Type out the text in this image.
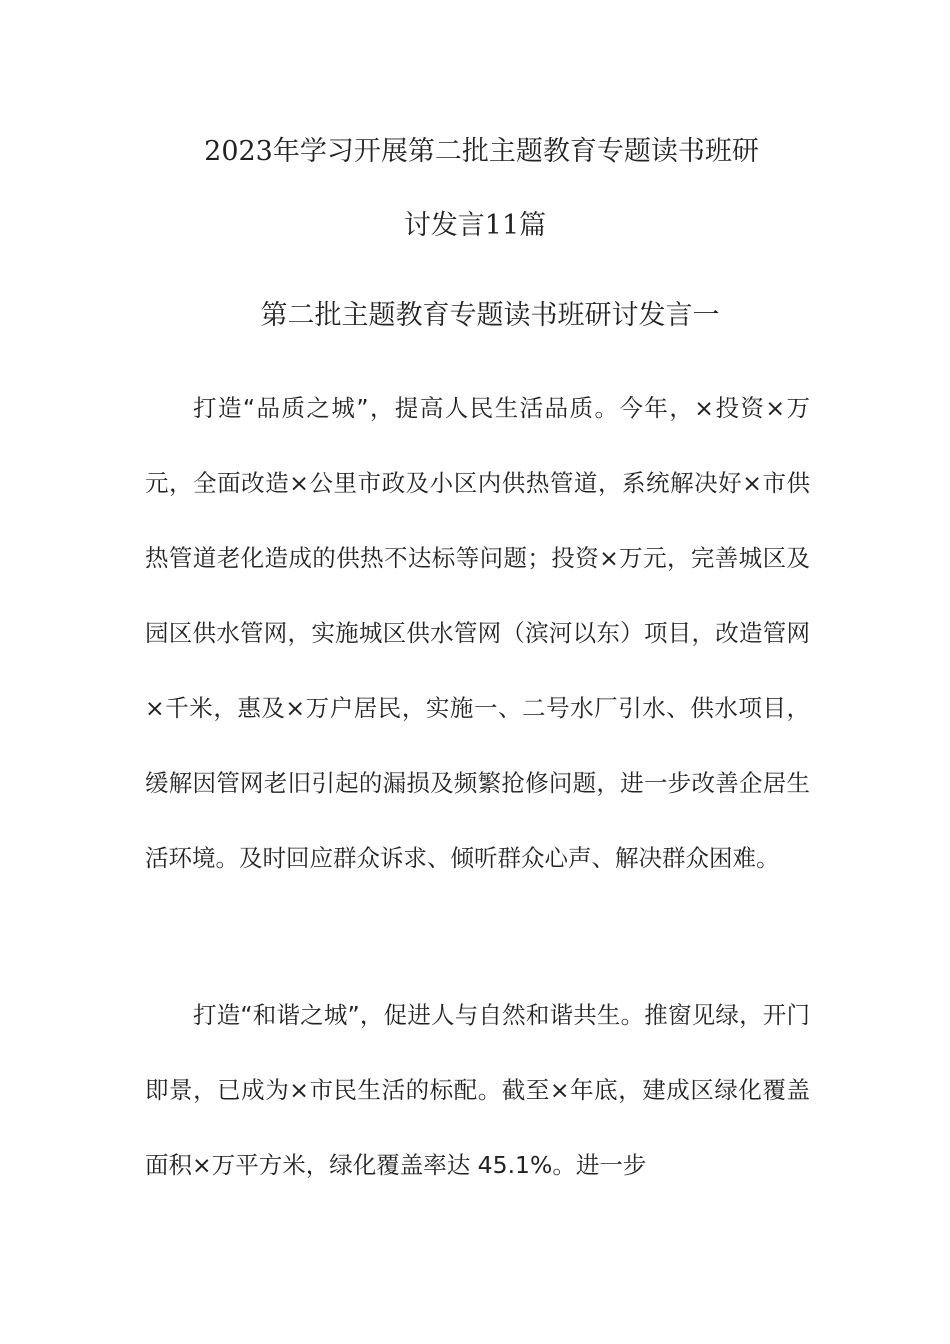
2023年学习开展第二批主题教育专题读书班研
讨发言11篇
第二批主题教育专题读书班研讨发言一

打造“品质之城”，提高人民生活品质。今年，×投资×万元，全面改造×公里市政及小区内供热管道，系统解决好×市供热管道老化造成的供热不达标等问题；投资×万元，完善城区及园区供水管网，实施城区供水管网（滨河以东）项目，改造管网×千米，惠及×万户居民，实施一、二号水厂引水、供水项目，缓解因管网老旧引起的漏损及频繁抢修问题，进一步改善企居生活环境。及时回应群众诉求、倾听群众心声、解决群众困难。

打造“和谐之城”，促进人与自然和谐共生。推窗见绿，开门即景，已成为×市民生活的标配。截至×年底，建成区绿化覆盖面积×万平方米，绿化覆盖率达 45.1%。进一步
